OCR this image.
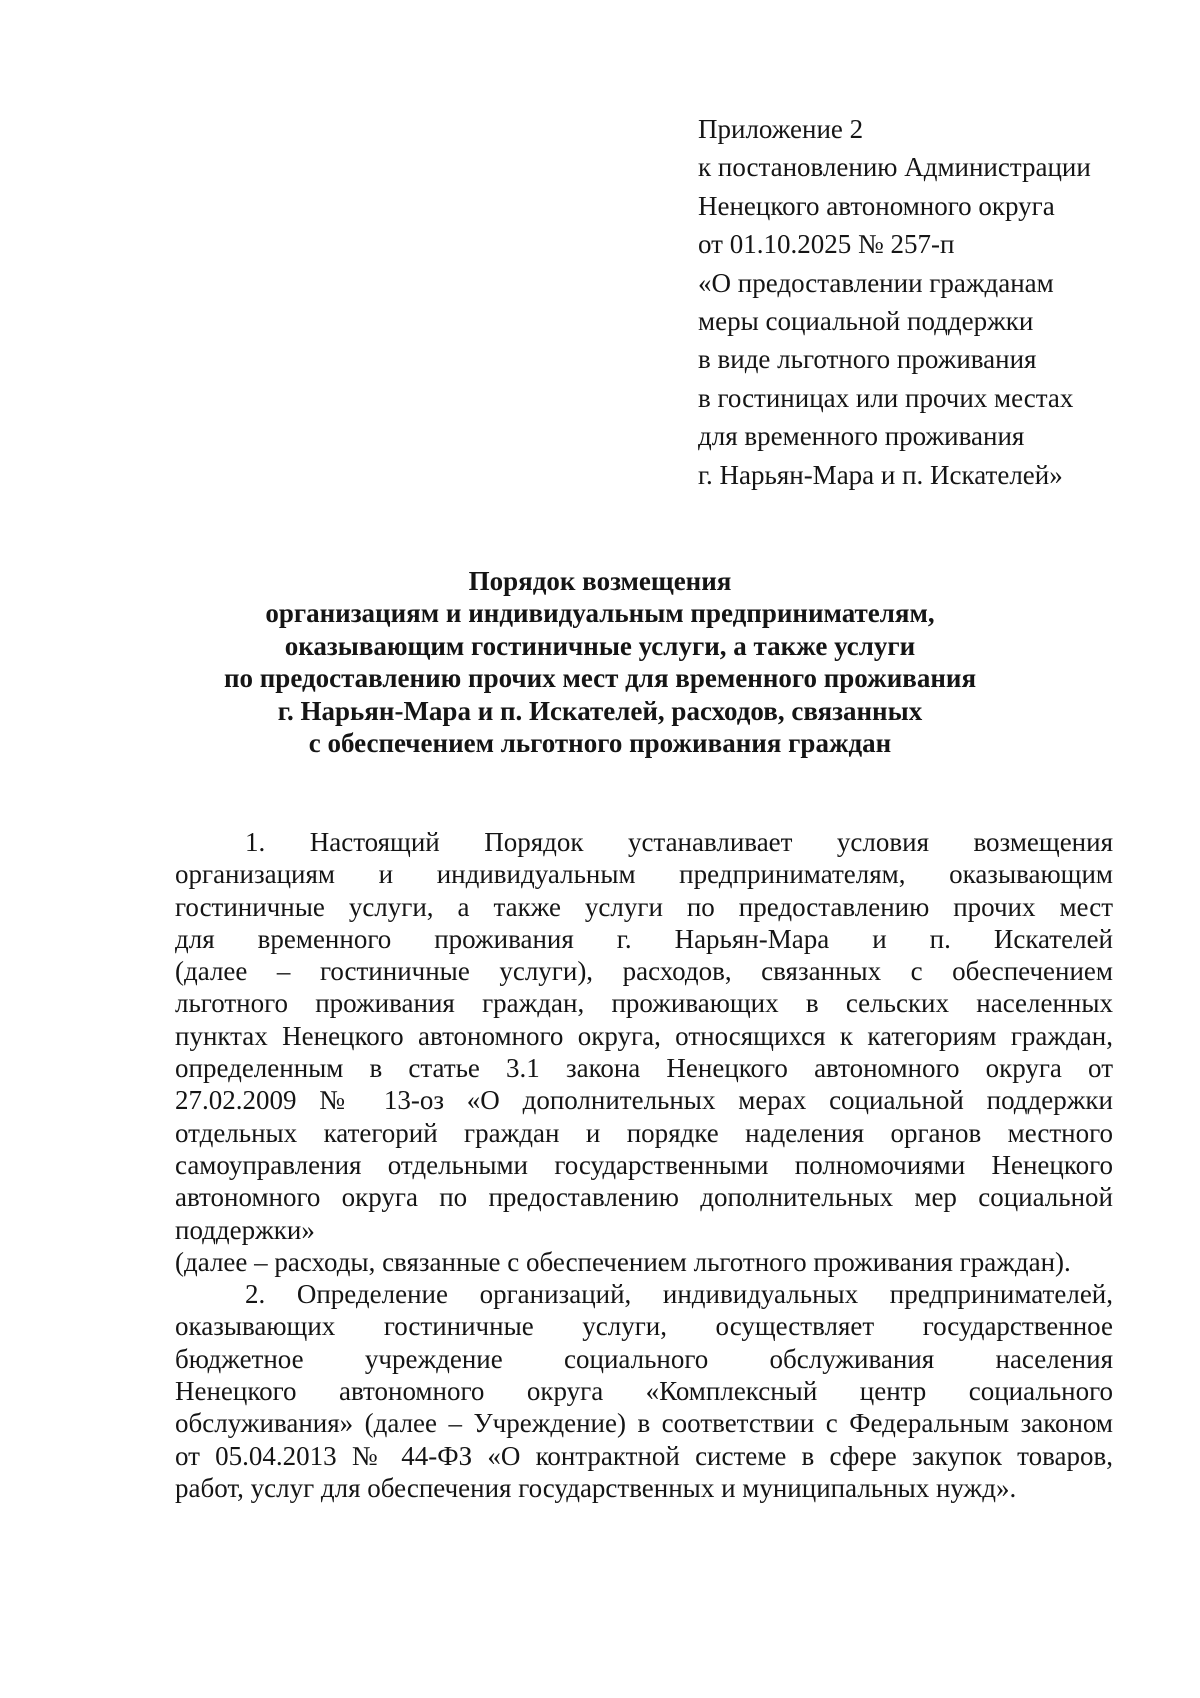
Приложение 2
к постановлению Администрации
Ненецкого автономного округа
от 01.10.2025 № 257-п
«О предоставлении гражданам
меры социальной поддержки
в виде льготного проживания
в гостиницах или прочих местах
для временного проживания
г. Нарьян-Мара и п. Искателей»
Порядок возмещения
организациям и индивидуальным предпринимателям,
оказывающим гостиничные услуги, а также услуги
по предоставлению прочих мест для временного проживания
г. Нарьян-Мара и п. Искателей, расходов, связанных
с обеспечением льготного проживания граждан
1. Настоящий Порядок устанавливает условия возмещения
организациям и индивидуальным предпринимателям, оказывающим
гостиничные услуги, а также услуги по предоставлению прочих мест
для временного проживания г. Нарьян-Мара и п. Искателей
(далее – гостиничные услуги), расходов, связанных с обеспечением
льготного проживания граждан, проживающих в сельских населенных
пунктах Ненецкого автономного округа, относящихся к категориям граждан,
определенным в статье 3.1 закона Ненецкого автономного округа от
27.02.2009 № 13-оз «О дополнительных мерах социальной поддержки
отдельных категорий граждан и порядке наделения органов местного
самоуправления отдельными государственными полномочиями Ненецкого
автономного округа по предоставлению дополнительных мер социальной
поддержки»
(далее – расходы, связанные с обеспечением льготного проживания граждан).
2. Определение организаций, индивидуальных предпринимателей,
оказывающих гостиничные услуги, осуществляет государственное
бюджетное учреждение социального обслуживания населения
Ненецкого автономного округа «Комплексный центр социального
обслуживания» (далее – Учреждение) в соответствии с Федеральным законом
от 05.04.2013 № 44-ФЗ «О контрактной системе в сфере закупок товаров,
работ, услуг для обеспечения государственных и муниципальных нужд».
